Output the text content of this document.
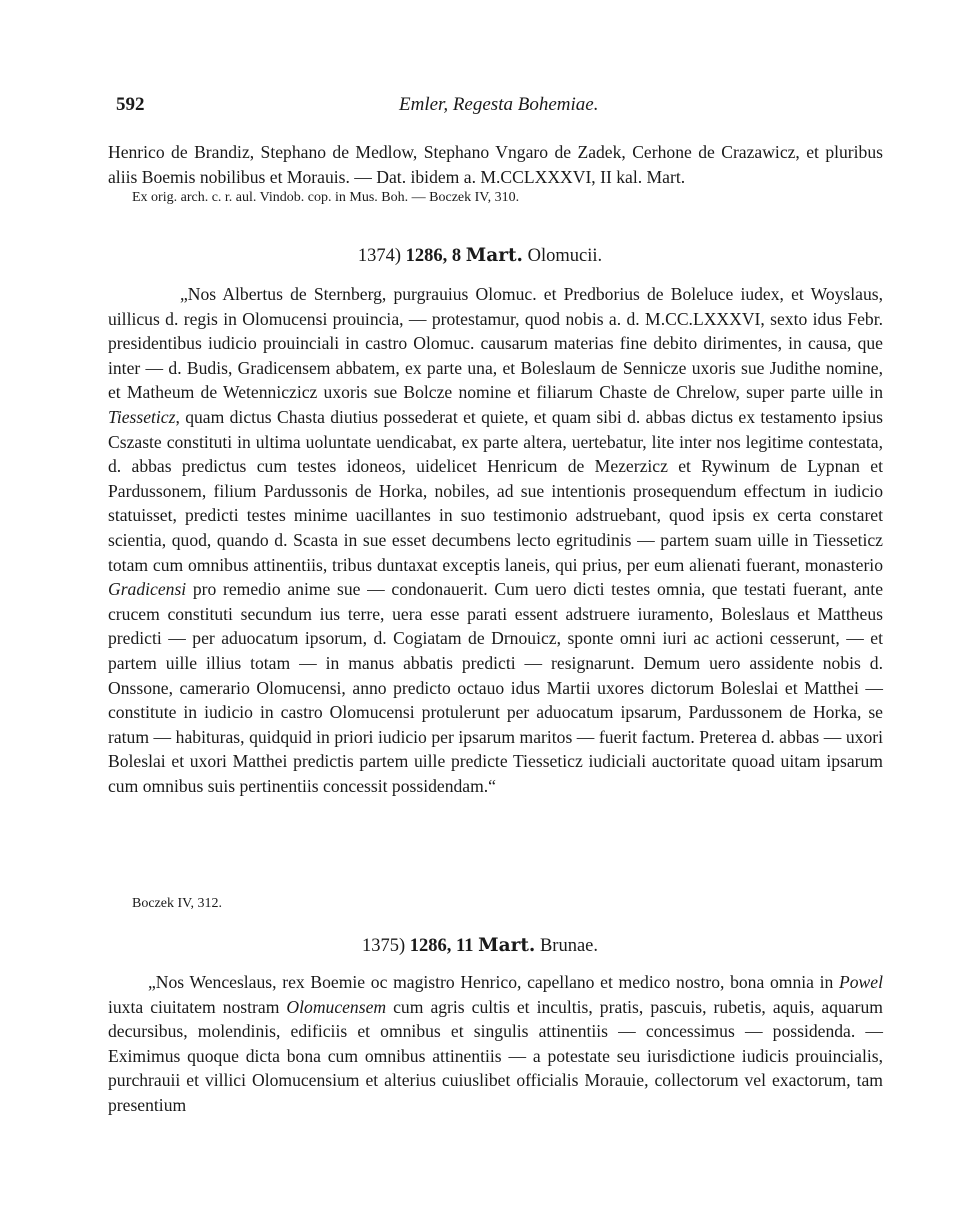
592	Emler, Regesta Bohemiae.

Henrico de Brandiz, Stephano de Medlow, Stephano Vngaro de Zadek, Cerhone de Crazawicz, et pluribus aliis Boemis nobilibus et Morauis. — Dat. ibidem a. M.CCLXXXVI, II kal. Mart.

Ex orig. arch. c. r. aul. Vindob. cop. in Mus. Boh. — Boczek IV, 310.

1374) 1286, 8 Mart. Olomucii.

„Nos Albertus de Sternberg, purgrauius Olomuc. et Predborius de Boleluce iudex, et Woyslaus, uillicus d. regis in Olomucensi prouincia, — protestamur, quod nobis a. d. M.CC.LXXXVI, sexto idus Febr. presidentibus iudicio prouinciali in castro Olomuc. causarum materias fine debito dirimentes, in causa, que inter — d. Budis, Gradicensem abbatem, ex parte una, et Boleslaum de Sennicze uxoris sue Judithe nomine, et Matheum de Wetenniczicz uxoris sue Bolcze nomine et filiarum Chaste de Chrelow, super parte uille in Tiesseticz, quam dictus Chasta diutius possederat et quiete, et quam sibi d. abbas dictus ex testamento ipsius Cszaste constituti in ultima uoluntate uendicabat, ex parte altera, uertebatur, lite inter nos legitime contestata, d. abbas predictus cum testes idoneos, uidelicet Henricum de Mezerzicz et Rywinum de Lypnan et Pardussonem, filium Pardussonis de Horka, nobiles, ad sue intentionis prosequendum effectum in iudicio statuisset, predicti testes minime uacillantes in suo testimonio adstruebant, quod ipsis ex certa constaret scientia, quod, quando d. Scasta in sue esset decumbens lecto egritudinis — partem suam uille in Tiesseticz totam cum omnibus attinentiis, tribus duntaxat exceptis laneis, qui prius, per eum alienati fuerant, monasterio Gradicensi pro remedio anime sue — condonauerit. Cum uero dicti testes omnia, que testati fuerant, ante crucem constituti secundum ius terre, uera esse parati essent adstruere iuramento, Boleslaus et Mattheus predicti — per aduocatum ipsorum, d. Cogiatam de Drnouicz, sponte omni iuri ac actioni cesserunt, — et partem uille illius totam — in manus abbatis predicti — resignarunt. Demum uero assidente nobis d. Onssone, camerario Olomucensi, anno predicto octauo idus Martii uxores dictorum Boleslai et Matthei — constitute in iudicio in castro Olomucensi protulerunt per aduocatum ipsarum, Pardussonem de Horka, se ratum — habituras, quidquid in priori iudicio per ipsarum maritos — fuerit factum. Preterea d. abbas — uxori Boleslai et uxori Matthei predictis partem uille predicte Tiesseticz iudiciali auctoritate quoad uitam ipsarum cum omnibus suis pertinentiis concessit possidendam.“

Boczek IV, 312.

1375) 1286, 11 Mart. Brunae.

„Nos Wenceslaus, rex Boemie oc magistro Henrico, capellano et medico nostro, bona omnia in Powel iuxta ciuitatem nostram Olomucensem cum agris cultis et incultis, pratis, pascuis, rubetis, aquis, aquarum decursibus, molendinis, edificiis et omnibus et singulis attinentiis — concessimus — possidenda. — Eximimus quoque dicta bona cum omnibus attinentiis — a potestate seu iurisdictione iudicis prouincialis, purchrauii et villici Olomucensium et alterius cuiuslibet officialis Morauie, collectorum vel exactorum, tam presentium
